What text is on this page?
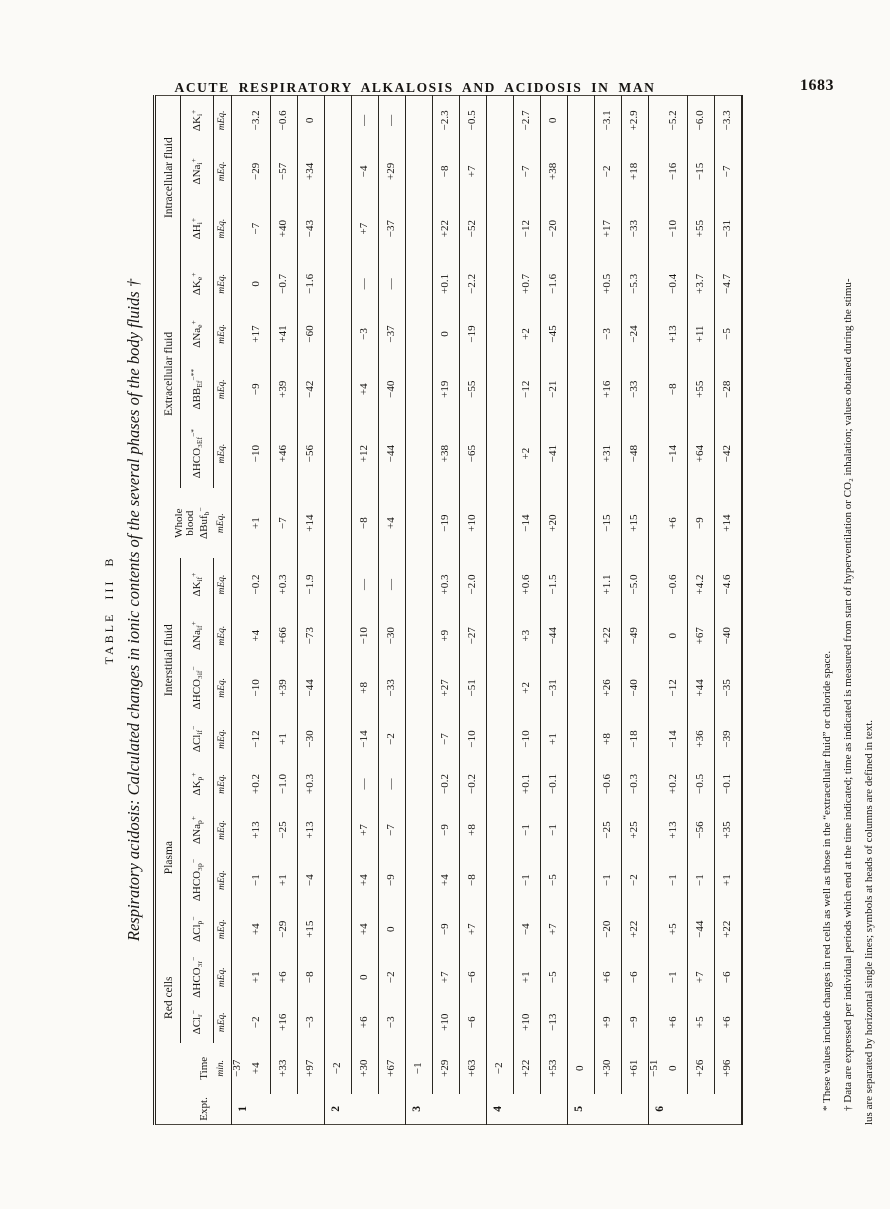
ACUTE RESPIRATORY ALKALOSIS AND ACIDOSIS IN MAN	1683
TABLE III B Respiratory acidosis: Calculated changes in ionic contents of the several phases of the body fluids †
Expt.	Time	Red cells		Plasma				Interstitial fluid				Whole
blood ΔBuf$_b$−	Extracellular fluid				Intracellular fluid		
		ΔCl$_r$−	$\Delta HCO_3_r^-$	ΔCl$_p$−	$\Delta HCO_3_p^-$	ΔNa$_p$+	$\Delta K_p^+$	ΔCl$_{if}$−	$\Delta HCO_3_{if}^-$	ΔNa$_{if}$+	$\Delta K_{if}^+$		$\Delta HCO_3_{Ef}^{-*}$	$\Delta BB_{Ef}^{-**}$	ΔNa$_e$+	$\Delta K_e^+$	$\Delta H_i^+$	ΔNa$_i$+	$\Delta K_i^+$
	min.	mEq.	mEq.	mEq.	mEq.	mEq.	mEq.	mEq.	mEq.	mEq.	mEq.	mEq.	mEq.	mEq.	mEq.	mEq.	mEq.	mEq.	mEq.
1	−37																		
	+4	−2	+1	+4	−1	+13	+0.2	−12	−10	+4	−0.2	+1	−10	−9	+17	0	−7	−29	−3.2
	+33	+16	+6	−29	+1	−25	−1.0	+1	+39	+66	+0.3	−7	+46	+39	+41	−0.7	+40	−57	−0.6
	+97	−3	−8	+15	−4	+13	+0.3	−30	−44	−73	−1.9	+14	−56	−42	−60	−1.6	−43	+34	0
2	−2																		
	+30	+6	0	+4	+4	+7	—	−14	+8	−10	—	−8	+12	+4	−3	—	+7	−4	—
	+67	−3	−2	0	−9	−7	—	−2	−33	−30	—	+4	−44	−40	−37	—	−37	+29	—
3	−1																		
	+29	+10	+7	−9	+4	−9	−0.2	−7	+27	+9	+0.3	−19	+38	+19	0	+0.1	+22	−8	−2.3
	+63	−6	−6	+7	−8	+8	−0.2	−10	−51	−27	−2.0	+10	−65	−55	−19	−2.2	−52	+7	−0.5
4	−2																		
	+22	+10	+1	−4	−1	−1	+0.1	−10	+2	+3	+0.6	−14	+2	−12	+2	+0.7	−12	−7	−2.7
	+53	−13	−5	+7	−5	−1	−0.1	+1	−31	−44	−1.5	+20	−41	−21	−45	−1.6	−20	+38	0
5	0																		
	+30	+9	+6	−20	−1	−25	−0.6	+8	+26	+22	+1.1	−15	+31	+16	−3	+0.5	+17	−2	−3.1
	+61	−9	−6	+22	−2	+25	−0.3	−18	−40	−49	−5.0	+15	−48	−33	−24	−5.3	−33	+18	+2.9
6	−51																		
	0	+6	−1	+5	−1	+13	+0.2	−14	−12	0	−0.6	+6	−14	−8	+13	−0.4	−10	−16	−5.2
	+26	+5	+7	−44	−1	−56	−0.5	+36	+44	+67	+4.2	−9	+64	+55	+11	+3.7	+55	−15	−6.0
	+96	+6	−6	+22	+1	+35	−0.1	−39	−35	−40	−4.6	+14	−42	−28	−5	−4.7	−31	−7	−3.3
* These values include changes in red cells as well as those in the “extracellular fluid” or chloride space. † Data are expressed per individual periods which end at the time indicated; time as indicated is measured from start of hyperventilation or CO₂ inhalation; values obtained during the stimu- lus are separated by horizontal single lines; symbols at heads of columns are defined in text.
